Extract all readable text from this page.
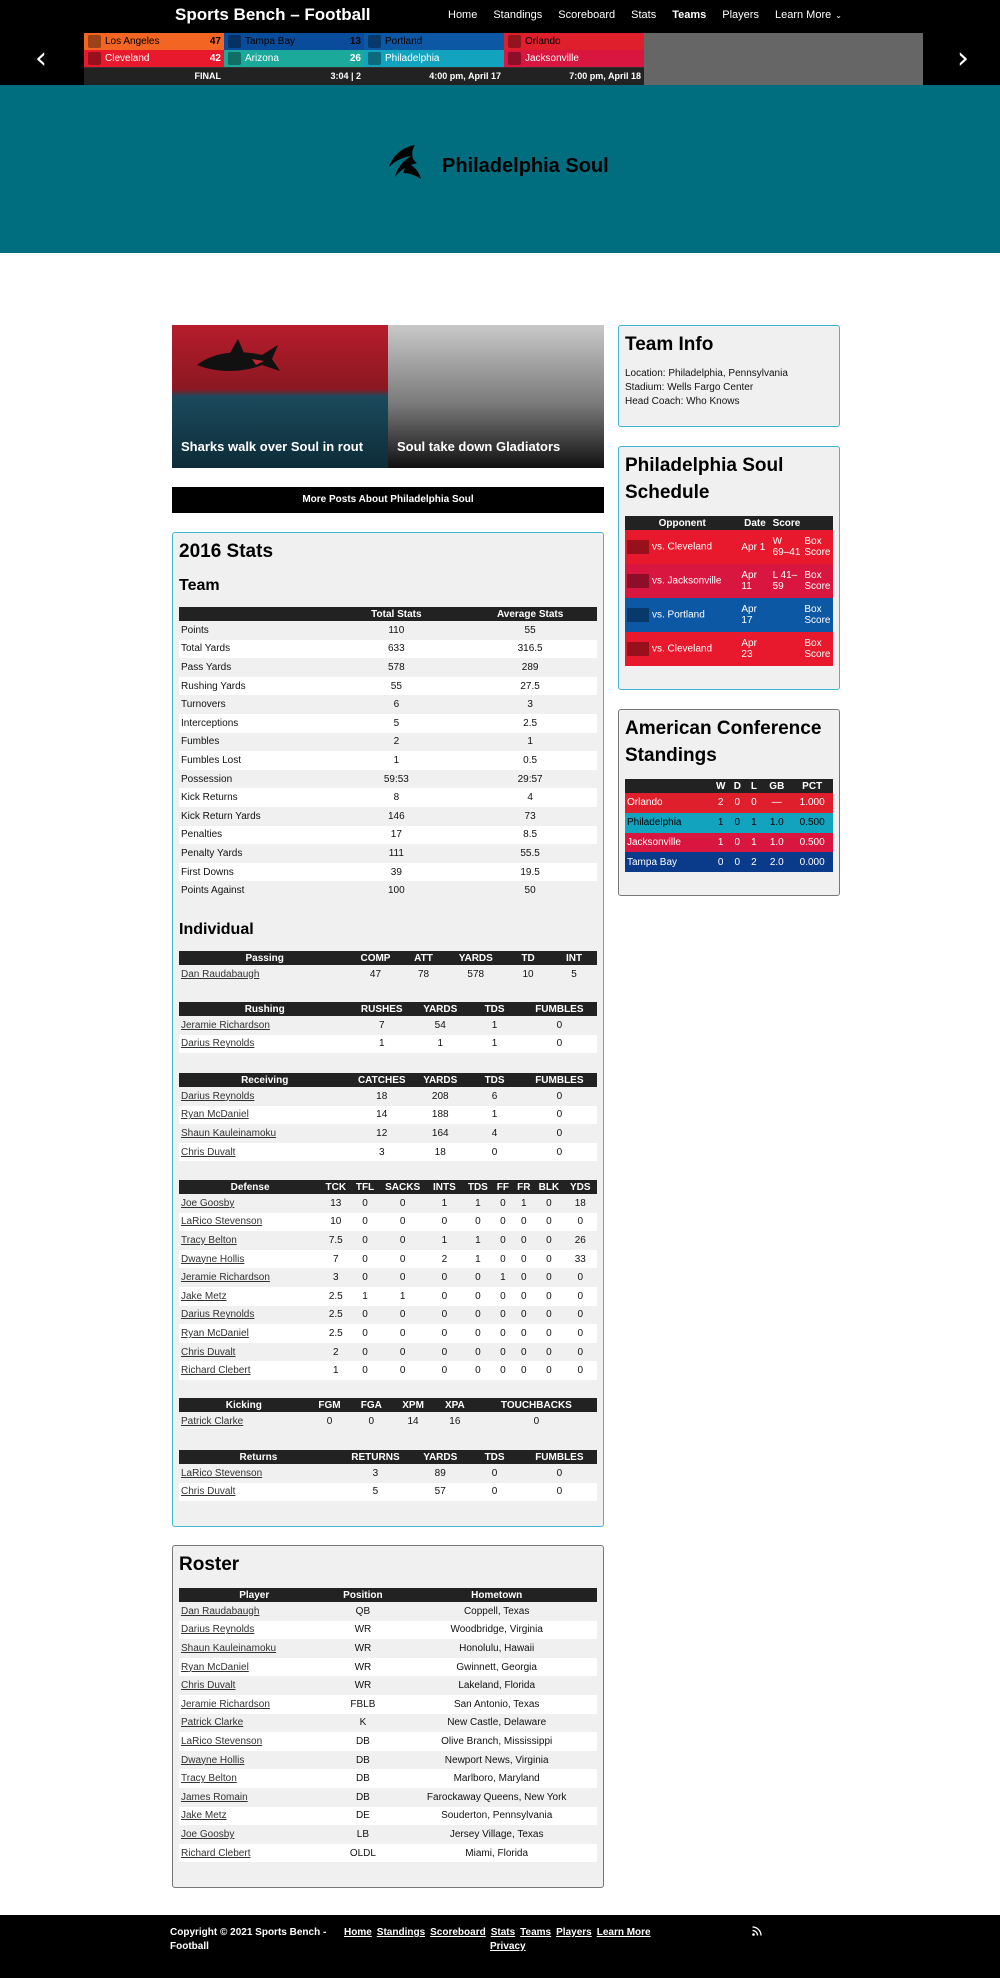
Sports Bench – Football	Home Standings Scoreboard Stats Teams Players Learn More ⌄
‹	Los Angeles	47
Cleveland	42
FINAL
Tampa Bay	13
Arizona	26
3:04 | 2
Portland
Philadelphia
4:00 pm, April 17
Orlando
Jacksonville
7:00 pm, April 18	›
Philadelphia Soul
Sharks walk over Soul in rout	Soul take down Gladiators
More Posts About Philadelphia Soul
2016 Stats
Team
	Total Stats	Average Stats
Points	110	55
Total Yards	633	316.5
Pass Yards	578	289
Rushing Yards	55	27.5
Turnovers	6	3
Interceptions	5	2.5
Fumbles	2	1
Fumbles Lost	1	0.5
Possession	59:53	29:57
Kick Returns	8	4
Kick Return Yards	146	73
Penalties	17	8.5
Penalty Yards	111	55.5
First Downs	39	19.5
Points Against	100	50
Individual
Passing	COMP	ATT	YARDS	TD	INT
Dan Raudabaugh	47	78	578	10	5
Rushing	RUSHES	YARDS	TDS	FUMBLES
Jeramie Richardson	7	54	1	0
Darius Reynolds	1	1	1	0
Receiving	CATCHES	YARDS	TDS	FUMBLES
Darius Reynolds	18	208	6	0
Ryan McDaniel	14	188	1	0
Shaun Kauleinamoku	12	164	4	0
Chris Duvalt	3	18	0	0
Defense	TCK	TFL	SACKS	INTS	TDS	FF	FR	BLK	YDS
Joe Goosby	13	0	0	1	1	0	1	0	18
LaRico Stevenson	10	0	0	0	0	0	0	0	0
Tracy Belton	7.5	0	0	1	1	0	0	0	26
Dwayne Hollis	7	0	0	2	1	0	0	0	33
Jeramie Richardson	3	0	0	0	0	1	0	0	0
Jake Metz	2.5	1	1	0	0	0	0	0	0
Darius Reynolds	2.5	0	0	0	0	0	0	0	0
Ryan McDaniel	2.5	0	0	0	0	0	0	0	0
Chris Duvalt	2	0	0	0	0	0	0	0	0
Richard Clebert	1	0	0	0	0	0	0	0	0
Kicking	FGM	FGA	XPM	XPA	TOUCHBACKS
Patrick Clarke	0	0	14	16	0
Returns	RETURNS	YARDS	TDS	FUMBLES
LaRico Stevenson	3	89	0	0
Chris Duvalt	5	57	0	0
Team Info
Location: Philadelphia, Pennsylvania
Stadium: Wells Fargo Center
Head Coach: Who Knows
Philadelphia Soul Schedule
Opponent	Date	Score	
vs. Cleveland	Apr 1	W 69–41	Box Score
vs. Jacksonville	Apr 11	L 41–59	Box Score
vs. Portland	Apr 17		Box Score
vs. Cleveland	Apr 23		Box Score
American Conference Standings
	W	D	L	GB	PCT
Orlando	2	0	0	—	1.000
Philadelphia	1	0	1	1.0	0.500
Jacksonville	1	0	1	1.0	0.500
Tampa Bay	0	0	2	2.0	0.000
Roster
Player	Position	Hometown
Dan Raudabaugh	QB	Coppell, Texas
Darius Reynolds	WR	Woodbridge, Virginia
Shaun Kauleinamoku	WR	Honolulu, Hawaii
Ryan McDaniel	WR	Gwinnett, Georgia
Chris Duvalt	WR	Lakeland, Florida
Jeramie Richardson	FBLB	San Antonio, Texas
Patrick Clarke	K	New Castle, Delaware
LaRico Stevenson	DB	Olive Branch, Mississippi
Dwayne Hollis	DB	Newport News, Virginia
Tracy Belton	DB	Marlboro, Maryland
James Romain	DB	Farockaway Queens, New York
Jake Metz	DE	Souderton, Pennsylvania
Joe Goosby	LB	Jersey Village, Texas
Richard Clebert	OLDL	Miami, Florida
Copyright © 2021 Sports Bench - Football
Home Standings Scoreboard Stats Teams Players Learn More
Privacy
